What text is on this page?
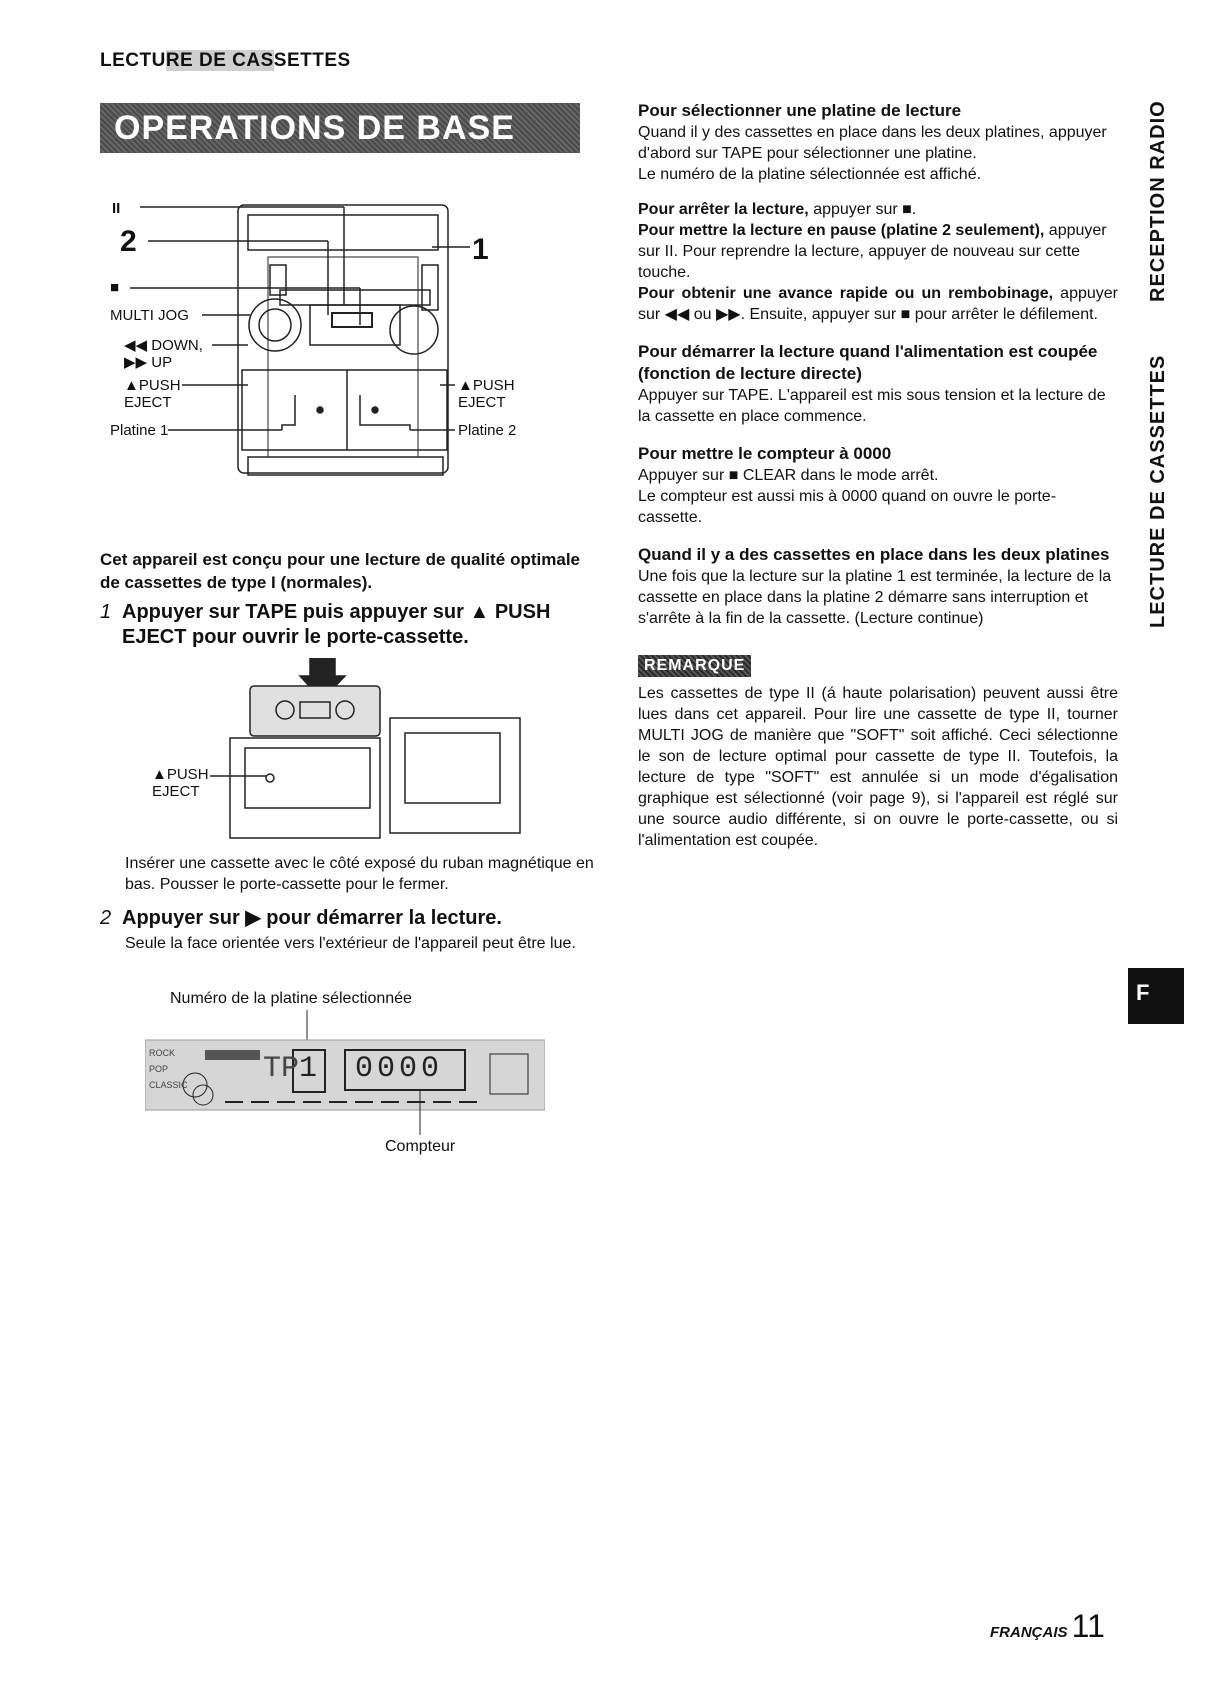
LECTURE DE CASSETTES
OPERATIONS DE BASE
II
2	1
■
MULTI JOG
◀◀ DOWN,
▶▶ UP
▲PUSH
EJECT
▲PUSH
EJECT
Platine 1	Platine 2
Cet appareil est conçu pour une lecture de qualité optimale de cassettes de type I (normales).
1 Appuyer sur TAPE puis appuyer sur ▲ PUSH EJECT pour ouvrir le porte-cassette.
▲PUSH
EJECT
Insérer une cassette avec le côté exposé du ruban magnétique en bas. Pousser le porte-cassette pour le fermer.
2 Appuyer sur ▶ pour démarrer la lecture.
Seule la face orientée vers l'extérieur de l'appareil peut être lue.
Numéro de la platine sélectionnée
ROCK
POP
CLASSIC	TP 1 0000
Compteur

Pour sélectionner une platine de lecture

Quand il y des cassettes en place dans les deux platines, appuyer d'abord sur TAPE pour sélectionner une platine.

Le numéro de la platine sélectionnée est affiché.

Pour arrêter la lecture, appuyer sur ■.

Pour mettre la lecture en pause (platine 2 seulement), appuyer sur II. Pour reprendre la lecture, appuyer de nouveau sur cette touche.

Pour obtenir une avance rapide ou un rembobinage, appuyer sur ◀◀ ou ▶▶. Ensuite, appuyer sur ■ pour arrêter le défilement.

Pour démarrer la lecture quand l'alimentation est coupée (fonction de lecture directe)

Appuyer sur TAPE. L'appareil est mis sous tension et la lecture de la cassette en place commence.

Pour mettre le compteur à 0000

Appuyer sur ■ CLEAR dans le mode arrêt.

Le compteur est aussi mis à 0000 quand on ouvre le porte-cassette.

Quand il y a des cassettes en place dans les deux platines

Une fois que la lecture sur la platine 1 est terminée, la lecture de la cassette en place dans la platine 2 démarre sans interruption et s'arrête à la fin de la cassette. (Lecture continue)

REMARQUE

Les cassettes de type II (á haute polarisation) peuvent aussi être lues dans cet appareil. Pour lire une cassette de type II, tourner MULTI JOG de manière que "SOFT" soit affiché. Ceci sélectionne le son de lecture optimal pour cassette de type II. Toutefois, la lecture de type "SOFT" est annulée si un mode d'égalisation graphique est sélectionné (voir page 9), si l'appareil est réglé sur une source audio différente, si on ouvre le porte-cassette, ou si l'alimentation est coupée.

RECEPTION RADIO
LECTURE DE CASSETTES
F
FRANÇAIS 11
